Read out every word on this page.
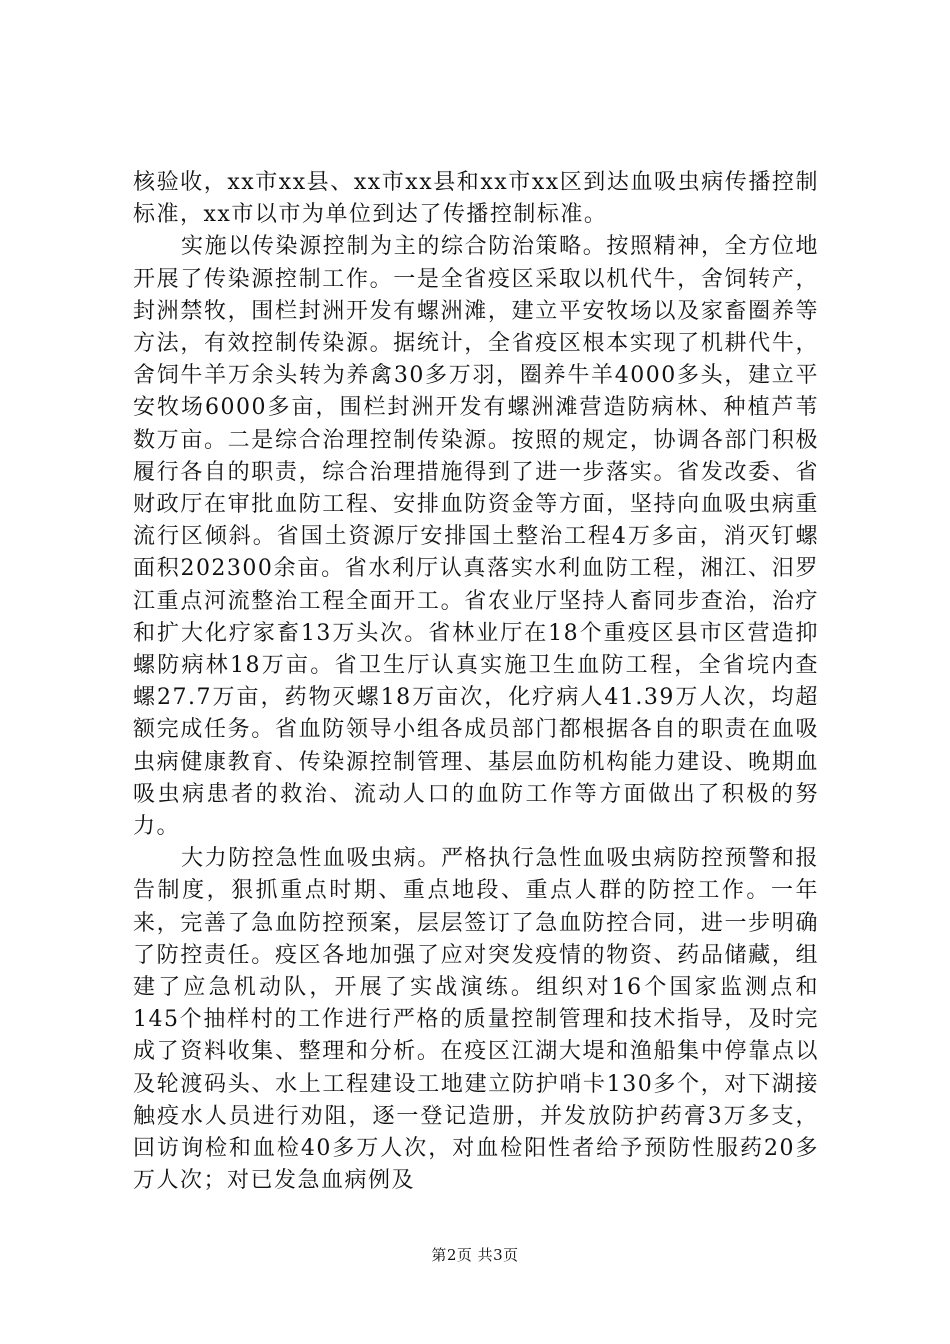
核验收，xx市xx县、xx市xx县和xx市xx区到达血吸虫病传播控制标准，xx市以市为单位到达了传播控制标准。

实施以传染源控制为主的综合防治策略。按照精神，全方位地开展了传染源控制工作。一是全省疫区采取以机代牛，舍饲转产，封洲禁牧，围栏封洲开发有螺洲滩，建立平安牧场以及家畜圈养等方法，有效控制传染源。据统计，全省疫区根本实现了机耕代牛，舍饲牛羊万余头转为养禽30多万羽，圈养牛羊4000多头，建立平安牧场6000多亩，围栏封洲开发有螺洲滩营造防病林、种植芦苇数万亩。二是综合治理控制传染源。按照的规定，协调各部门积极履行各自的职责，综合治理措施得到了进一步落实。省发改委、省财政厅在审批血防工程、安排血防资金等方面，坚持向血吸虫病重流行区倾斜。省国土资源厅安排国土整治工程4万多亩，消灭钉螺面积202300余亩。省水利厅认真落实水利血防工程，湘江、汨罗江重点河流整治工程全面开工。省农业厅坚持人畜同步查治，治疗和扩大化疗家畜13万头次。省林业厅在18个重疫区县市区营造抑螺防病林18万亩。省卫生厅认真实施卫生血防工程，全省垸内查螺27.7万亩，药物灭螺18万亩次，化疗病人41.39万人次，均超额完成任务。省血防领导小组各成员部门都根据各自的职责在血吸虫病健康教育、传染源控制管理、基层血防机构能力建设、晚期血吸虫病患者的救治、流动人口的血防工作等方面做出了积极的努力。

大力防控急性血吸虫病。严格执行急性血吸虫病防控预警和报告制度，狠抓重点时期、重点地段、重点人群的防控工作。一年来，完善了急血防控预案，层层签订了急血防控合同，进一步明确了防控责任。疫区各地加强了应对突发疫情的物资、药品储藏，组建了应急机动队，开展了实战演练。组织对16个国家监测点和145个抽样村的工作进行严格的质量控制管理和技术指导，及时完成了资料收集、整理和分析。在疫区江湖大堤和渔船集中停靠点以及轮渡码头、水上工程建设工地建立防护哨卡130多个，对下湖接触疫水人员进行劝阻，逐一登记造册，并发放防护药膏3万多支，回访询检和血检40多万人次，对血检阳性者给予预防性服药20多万人次；对已发急血病例及

第2页 共3页
